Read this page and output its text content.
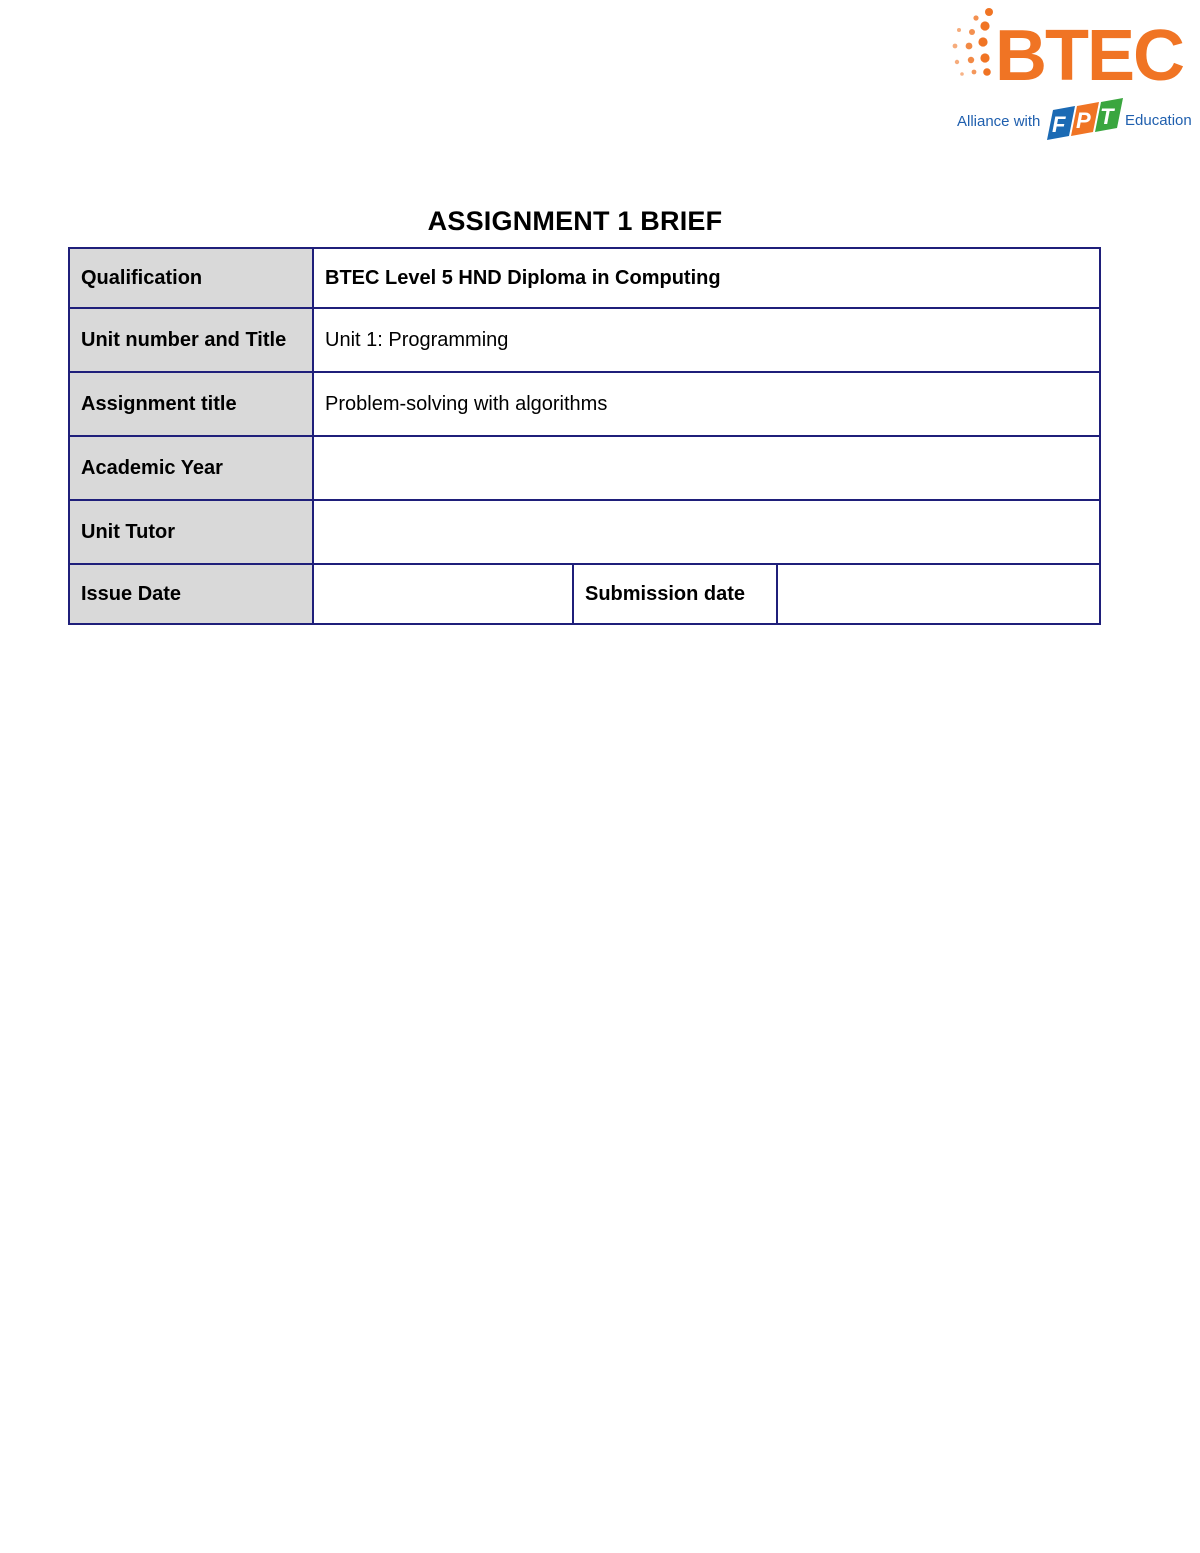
BTEC
Alliance with F P T Education
ASSIGNMENT 1 BRIEF
Qualification	BTEC Level 5 HND Diploma in Computing		
Unit number and Title	Unit 1: Programming		
Assignment title	Problem-solving with algorithms		
Academic Year			
Unit Tutor			
Issue Date		Submission date	
